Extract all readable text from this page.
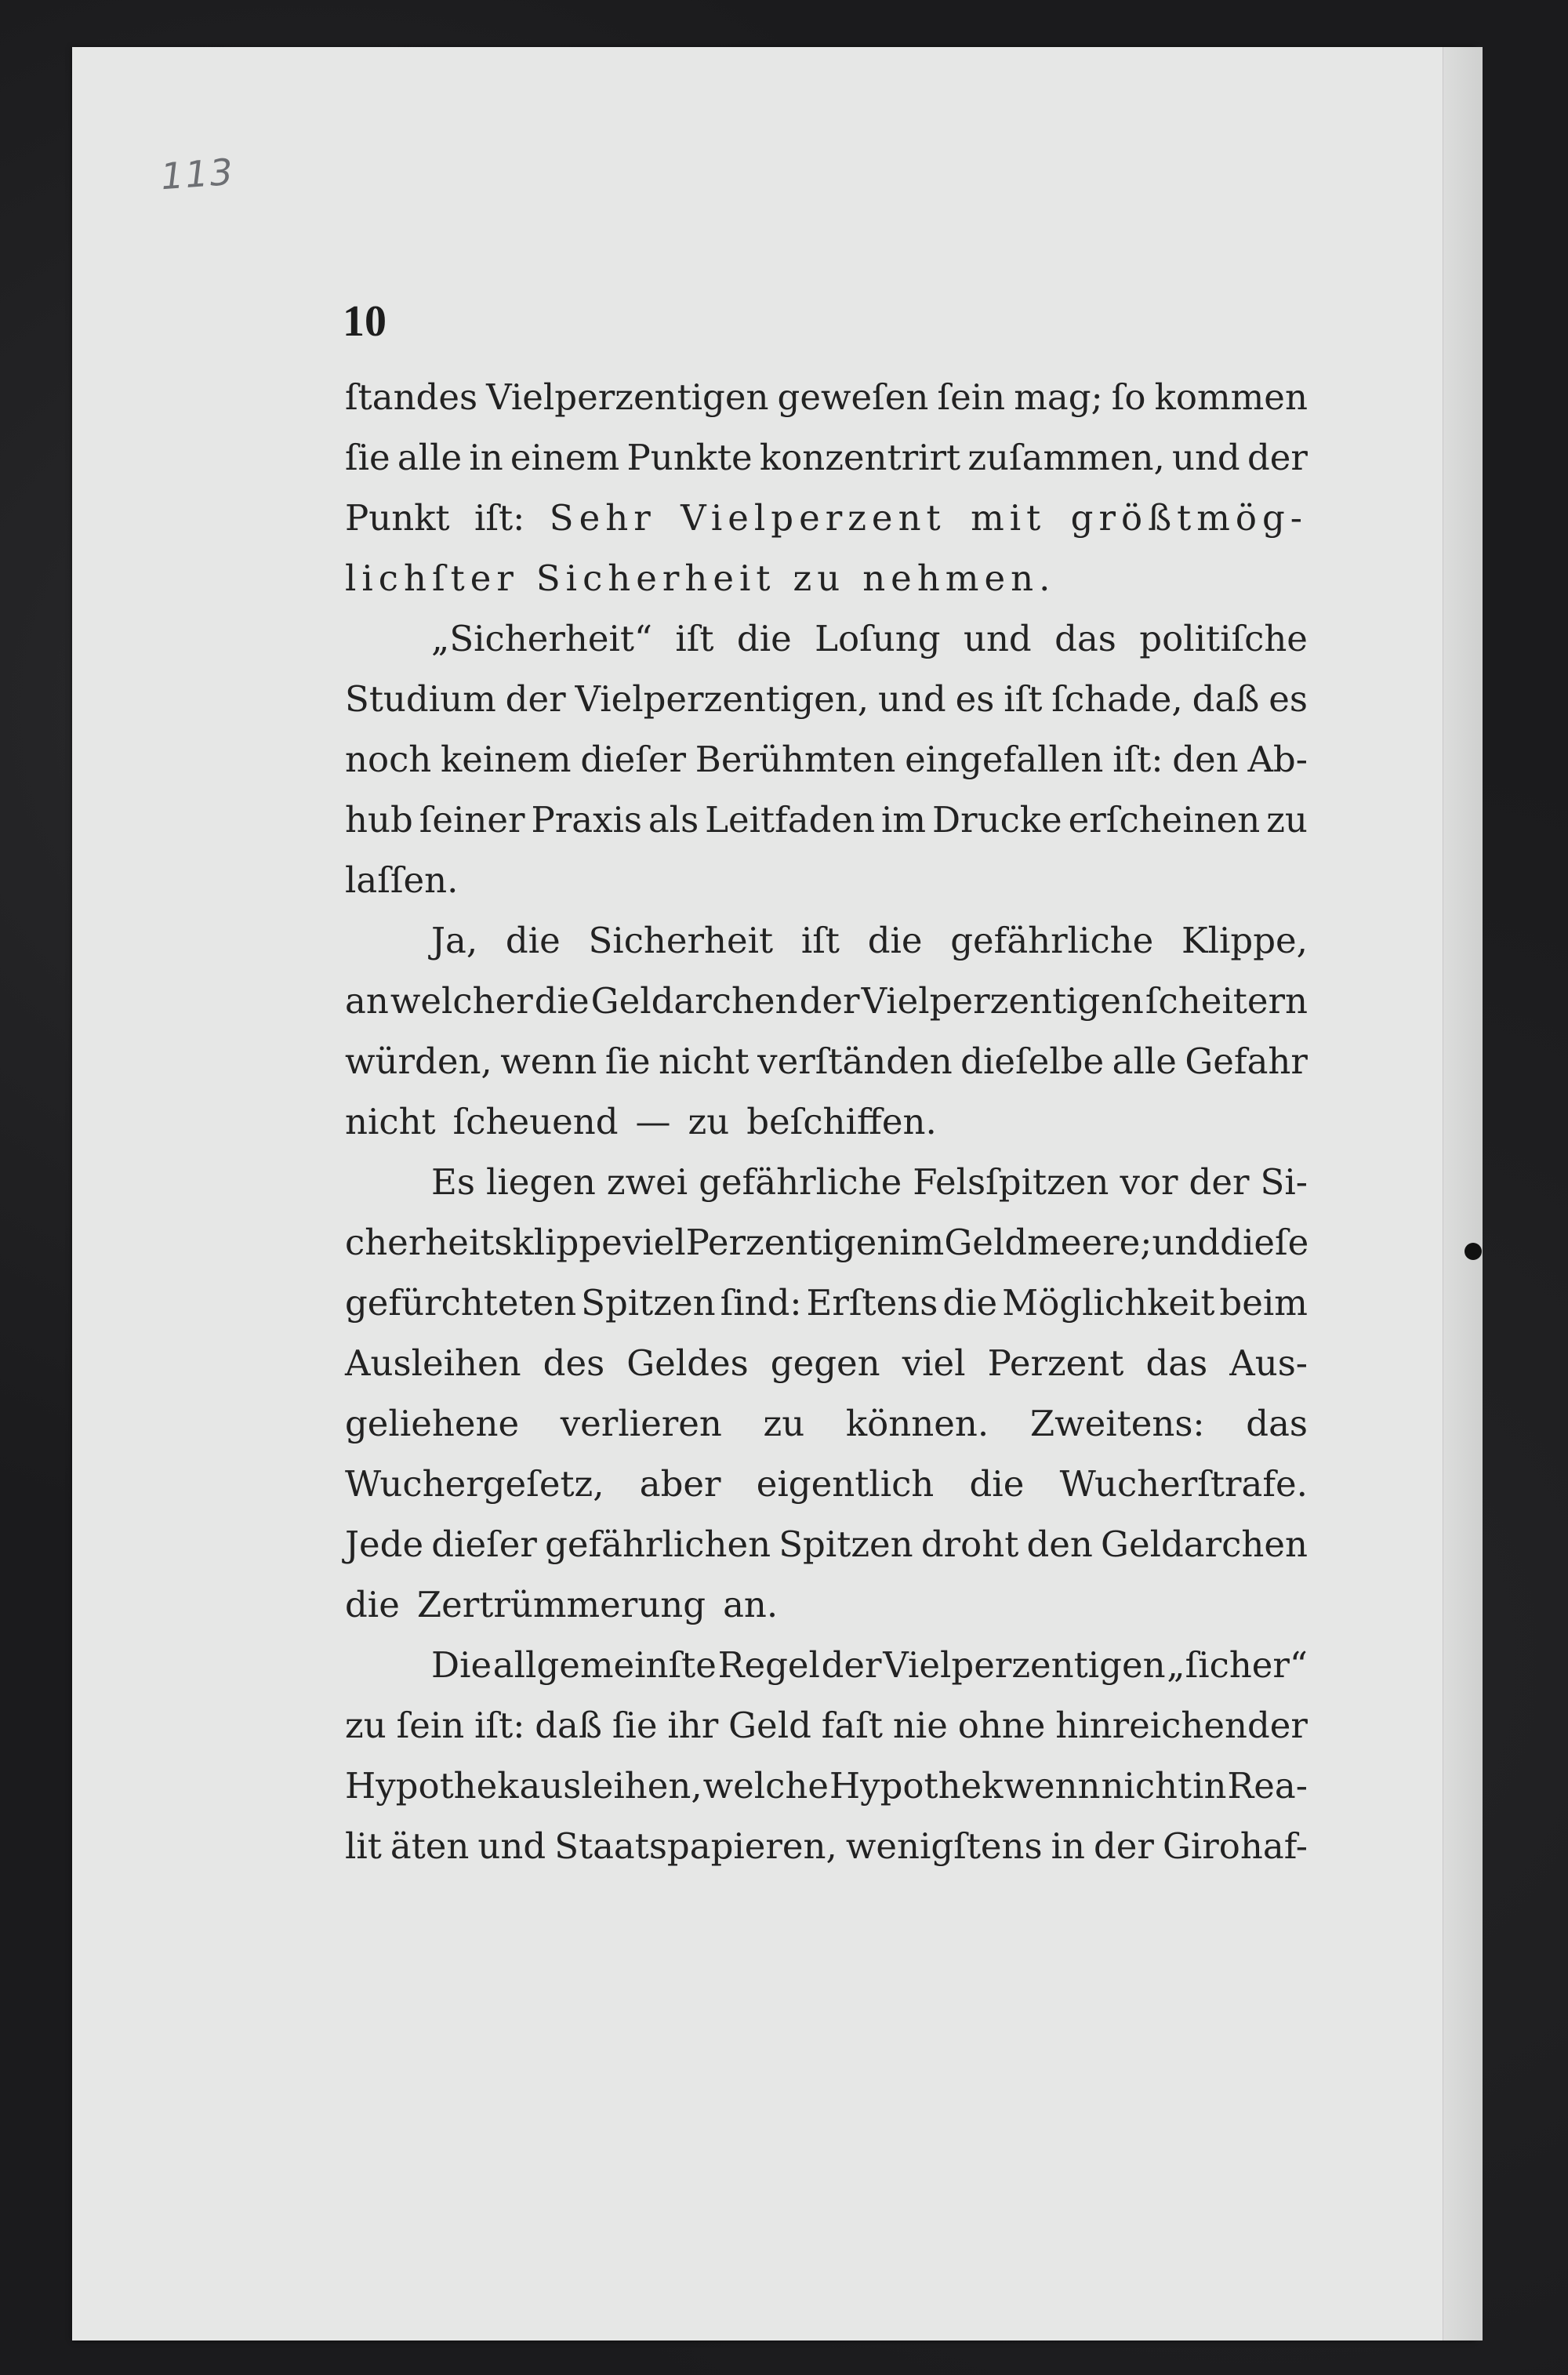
113
10
ſtandes Vielperzentigen geweſen ſein mag; ſo kommen
ſie alle in einem Punkte konzentrirt zuſammen, und der
Punkt iſt: Sehr Vielperzent mit größtmög-
lichſter Sicherheit zu nehmen.
„Sicherheit“ iſt die Loſung und das politiſche
Studium der Vielperzentigen, und es iſt ſchade, daß es
noch keinem dieſer Berühmten eingefallen iſt: den Ab-
hub ſeiner Praxis als Leitfaden im Drucke erſcheinen zu
laſſen.
Ja, die Sicherheit iſt die gefährliche Klippe,
an welcher die Geldarchen der Vielperzentigen ſcheitern
würden, wenn ſie nicht verſtänden dieſelbe alle Gefahr
nicht ſcheuend — zu beſchiffen.
Es liegen zwei gefährliche Felsſpitzen vor der Si-
cherheitsklippe viel Perzentigen im Geldmeere; und dieſe
gefürchteten Spitzen ſind: Erſtens die Möglichkeit beim
Ausleihen des Geldes gegen viel Perzent das Aus-
geliehene verlieren zu können. Zweitens: das
Wuchergeſetz, aber eigentlich die Wucherſtrafe.
Jede dieſer gefährlichen Spitzen droht den Geldarchen
die Zertrümmerung an.
Die allgemeinſte Regel der Vielperzentigen „ſicher“
zu ſein iſt: daß ſie ihr Geld faſt nie ohne hinreichender
Hypothek ausleihen, welche Hypothek wenn nicht in Rea-
lit äten und Staatspapieren, wenigſtens in der Girohaf-
